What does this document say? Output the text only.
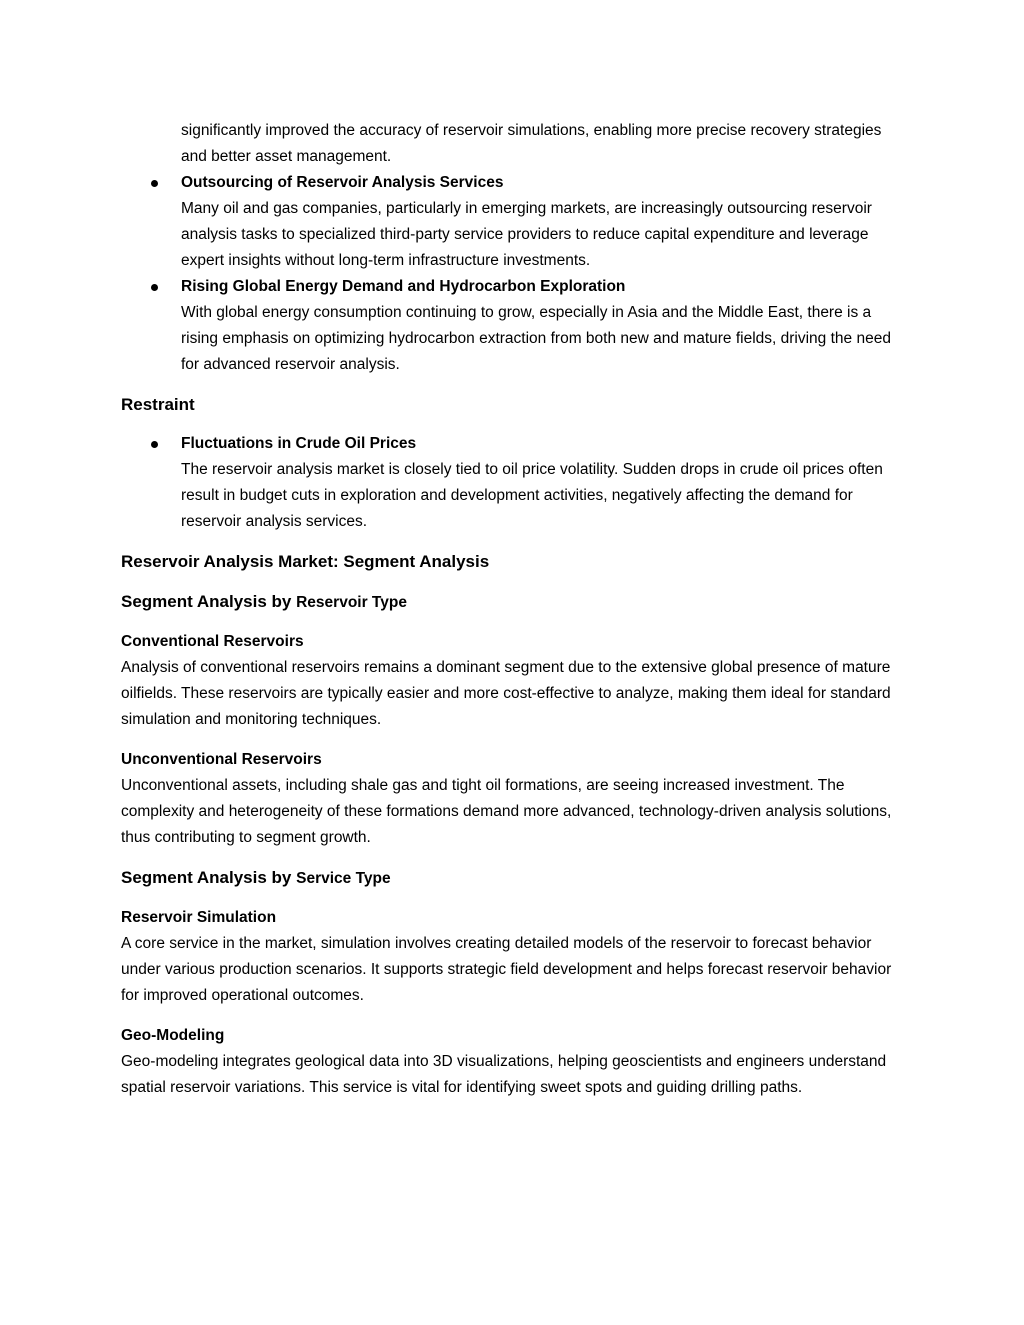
significantly improved the accuracy of reservoir simulations, enabling more precise recovery strategies and better asset management.
Outsourcing of Reservoir Analysis Services
Many oil and gas companies, particularly in emerging markets, are increasingly outsourcing reservoir analysis tasks to specialized third-party service providers to reduce capital expenditure and leverage expert insights without long-term infrastructure investments.
Rising Global Energy Demand and Hydrocarbon Exploration
With global energy consumption continuing to grow, especially in Asia and the Middle East, there is a rising emphasis on optimizing hydrocarbon extraction from both new and mature fields, driving the need for advanced reservoir analysis.
Restraint
Fluctuations in Crude Oil Prices
The reservoir analysis market is closely tied to oil price volatility. Sudden drops in crude oil prices often result in budget cuts in exploration and development activities, negatively affecting the demand for reservoir analysis services.
Reservoir Analysis Market: Segment Analysis
Segment Analysis by Reservoir Type
Conventional Reservoirs
Analysis of conventional reservoirs remains a dominant segment due to the extensive global presence of mature oilfields. These reservoirs are typically easier and more cost-effective to analyze, making them ideal for standard simulation and monitoring techniques.
Unconventional Reservoirs
Unconventional assets, including shale gas and tight oil formations, are seeing increased investment. The complexity and heterogeneity of these formations demand more advanced, technology-driven analysis solutions, thus contributing to segment growth.
Segment Analysis by Service Type
Reservoir Simulation
A core service in the market, simulation involves creating detailed models of the reservoir to forecast behavior under various production scenarios. It supports strategic field development and helps forecast reservoir behavior for improved operational outcomes.
Geo-Modeling
Geo-modeling integrates geological data into 3D visualizations, helping geoscientists and engineers understand spatial reservoir variations. This service is vital for identifying sweet spots and guiding drilling paths.
